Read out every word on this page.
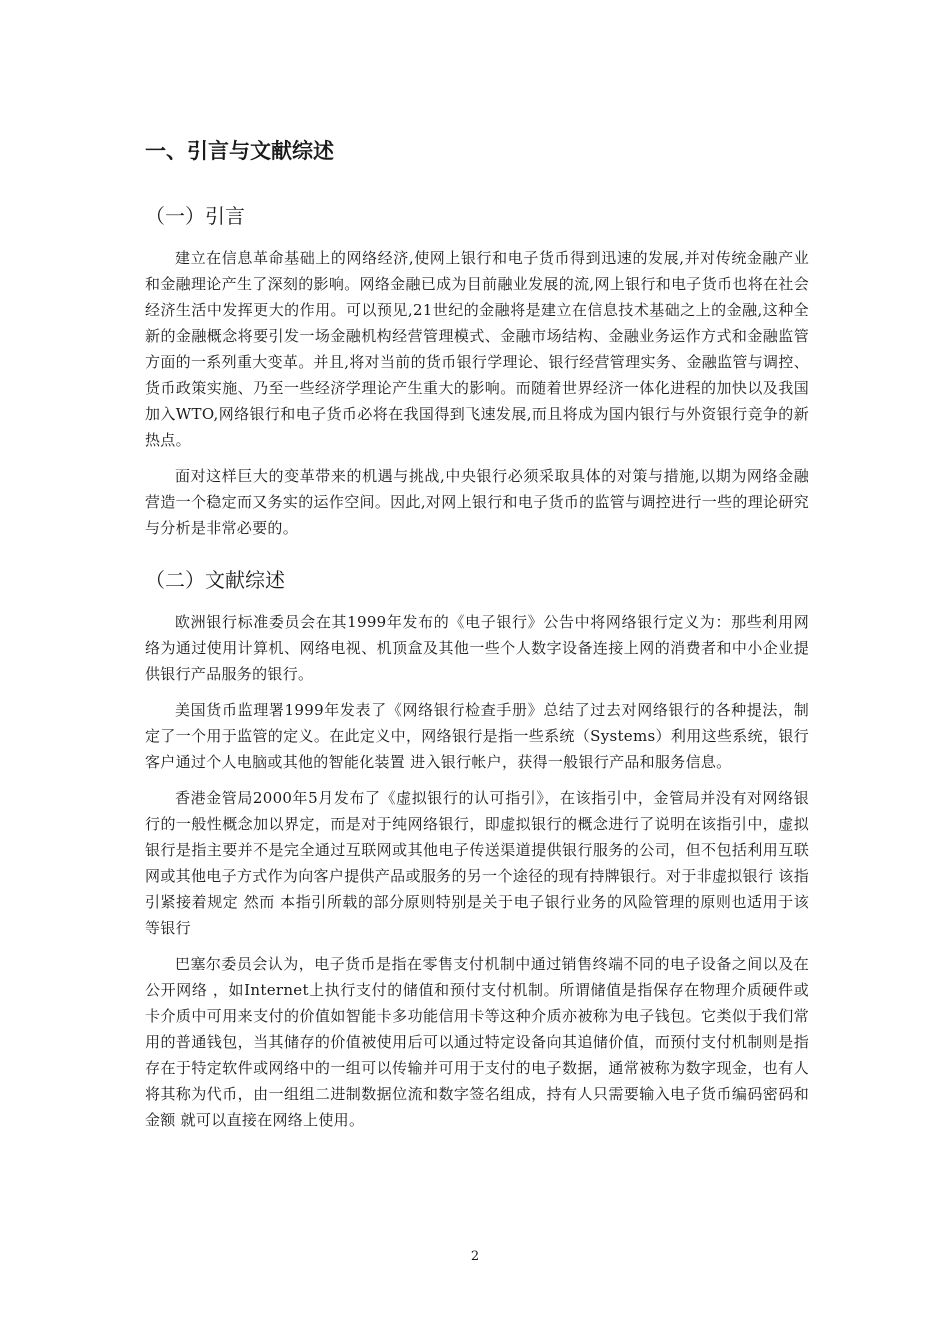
一、引言与文献综述
（一）引言

建立在信息革命基础上的网络经济,使网上银行和电子货币得到迅速的发展,并对传统金融产业和金融理论产生了深刻的影响。网络金融已成为目前融业发展的流,网上银行和电子货币也将在社会经济生活中发挥更大的作用。可以预见,21世纪的金融将是建立在信息技术基础之上的金融,这种全新的金融概念将要引发一场金融机构经营管理模式、金融市场结构、金融业务运作方式和金融监管方面的一系列重大变革。并且,将对当前的货币银行学理论、银行经营管理实务、金融监管与调控、货币政策实施、乃至一些经济学理论产生重大的影响。而随着世界经济一体化进程的加快以及我国加入WTO,网络银行和电子货币必将在我国得到飞速发展,而且将成为国内银行与外资银行竞争的新热点。

面对这样巨大的变革带来的机遇与挑战,中央银行必须采取具体的对策与措施,以期为网络金融营造一个稳定而又务实的运作空间。因此,对网上银行和电子货币的监管与调控进行一些的理论研究与分析是非常必要的。

（二）文献综述

欧洲银行标准委员会在其1999年发布的《电子银行》公告中将网络银行定义为：那些利用网络为通过使用计算机、网络电视、机顶盒及其他一些个人数字设备连接上网的消费者和中小企业提供银行产品服务的银行。

美国货币监理署1999年发表了《网络银行检查手册》总结了过去对网络银行的各种提法，制定了一个用于监管的定义。在此定义中，网络银行是指一些系统（Systems）利用这些系统，银行客户通过个人电脑或其他的智能化装置 进入银行帐户，获得一般银行产品和服务信息。

香港金管局2000年5月发布了《虚拟银行的认可指引》，在该指引中，金管局并没有对网络银行的一般性概念加以界定，而是对于纯网络银行，即虚拟银行的概念进行了说明在该指引中，虚拟银行是指主要并不是完全通过互联网或其他电子传送渠道提供银行服务的公司，但不包括利用互联网或其他电子方式作为向客户提供产品或服务的另一个途径的现有持牌银行。对于非虚拟银行 该指引紧接着规定 然而 本指引所载的部分原则特别是关于电子银行业务的风险管理的原则也适用于该等银行

巴塞尔委员会认为，电子货币是指在零售支付机制中通过销售终端不同的电子设备之间以及在公开网络 ，如Internet上执行支付的储值和预付支付机制。所谓储值是指保存在物理介质硬件或卡介质中可用来支付的价值如智能卡多功能信用卡等这种介质亦被称为电子钱包。它类似于我们常用的普通钱包，当其储存的价值被使用后可以通过特定设备向其追储价值，而预付支付机制则是指存在于特定软件或网络中的一组可以传输并可用于支付的电子数据，通常被称为数字现金，也有人将其称为代币，由一组组二进制数据位流和数字签名组成，持有人只需要输入电子货币编码密码和金额 就可以直接在网络上使用。

2
